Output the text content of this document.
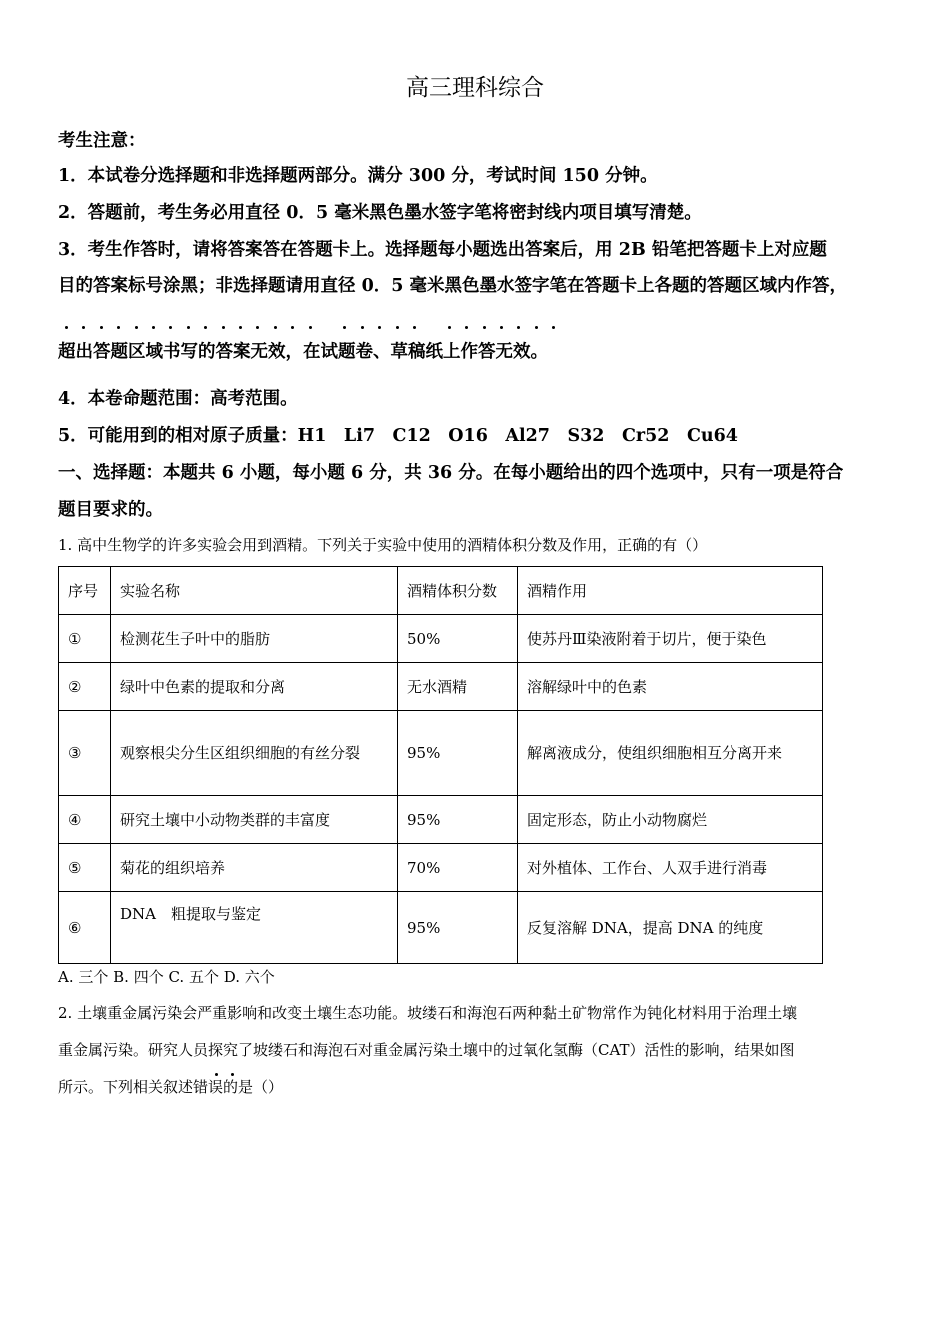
高三理科综合
考生注意：
1．本试卷分选择题和非选择题两部分。满分 300 分，考试时间 150 分钟。
2．答题前，考生务必用直径 0．5 毫米黑色墨水签字笔将密封线内项目填写清楚。
3．考生作答时，请将答案答在答题卡上。选择题每小题选出答案后，用 2B 铅笔把答题卡上对应题
目的答案标号涂黑；非选择题请用直径 0．5 毫米黑色墨水签字笔在答题卡上各题的答题区域内作答，
超出答题区域书写的答案无效，在试题卷、草稿纸上作答无效。
4．本卷命题范围：高考范围。
5．可能用到的相对原子质量：H1　Li7　C12　O16　Al27　S32　Cr52　Cu64
一、选择题：本题共 6 小题，每小题 6 分，共 36 分。在每小题给出的四个选项中，只有一项是符合
题目要求的。
1. 高中生物学的许多实验会用到酒精。下列关于实验中使用的酒精体积分数及作用，正确的有（）
序号	实验名称	酒精体积分数	酒精作用
①	检测花生子叶中的脂肪	50%	使苏丹Ⅲ染液附着于切片，便于染色
②	绿叶中色素的提取和分离	无水酒精	溶解绿叶中的色素
③	观察根尖分生区组织细胞的有丝分裂	95%	解离液成分，使组织细胞相互分离开来
④	研究土壤中小动物类群的丰富度	95%	固定形态，防止小动物腐烂
⑤	菊花的组织培养	70%	对外植体、工作台、人双手进行消毒
⑥	DNA　粗提取与鉴定	95%	反复溶解 DNA，提高 DNA 的纯度
A. 三个 B. 四个 C. 五个 D. 六个
2. 土壤重金属污染会严重影响和改变土壤生态功能。坡缕石和海泡石两种黏土矿物常作为钝化材料用于治理土壤
重金属污染。研究人员探究了坡缕石和海泡石对重金属污染土壤中的过氧化氢酶（CAT）活性的影响，结果如图
所示。下列相关叙述错误的是（）
